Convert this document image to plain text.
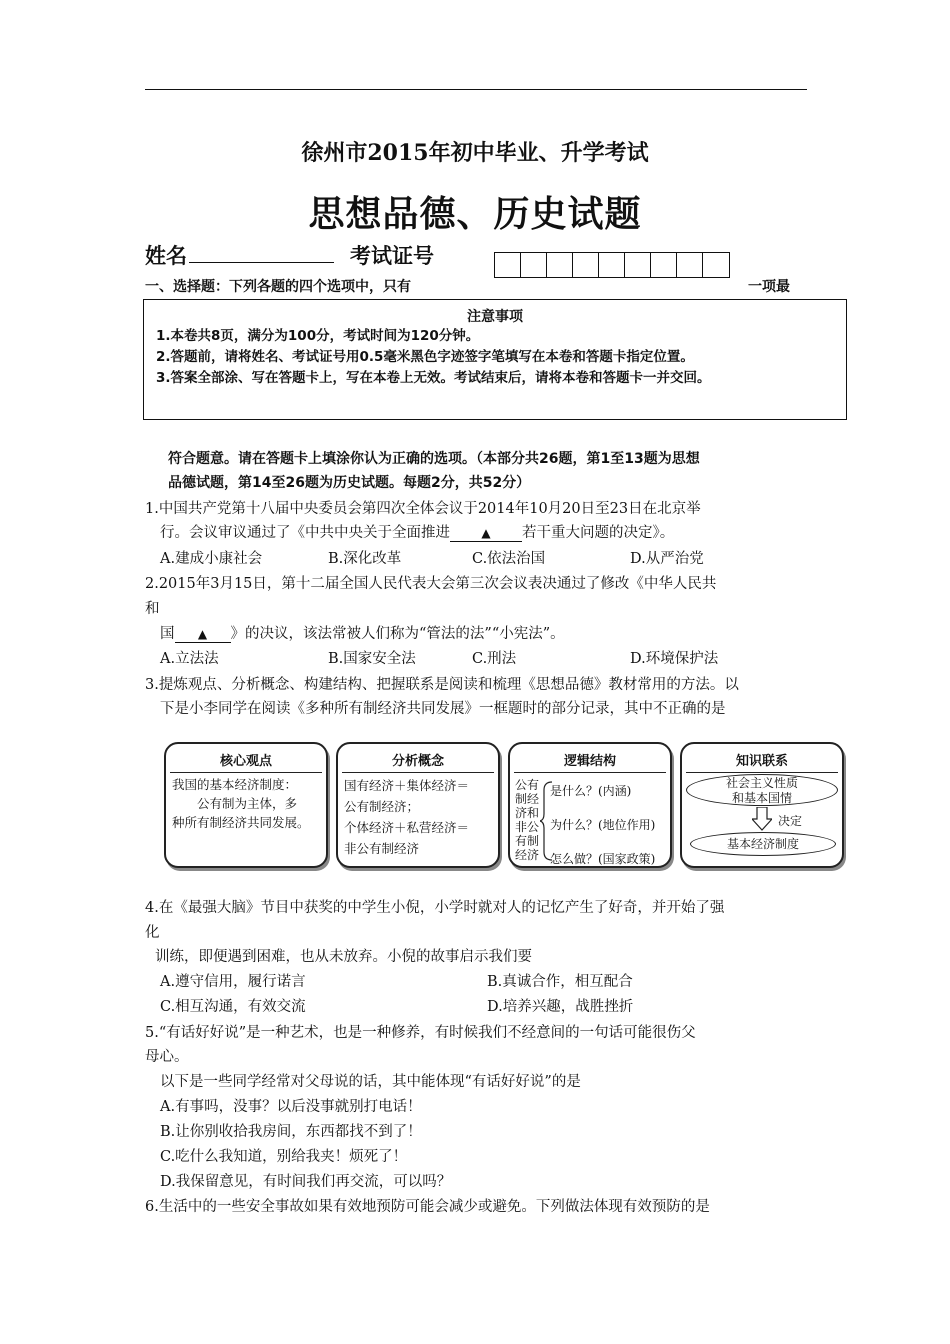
徐州市2015年初中毕业、升学考试
思想品德、历史试题
姓名	考试证号
一、选择题：下列各题的四个选项中，只有	一项最
注意事项
1.本卷共8页，满分为100分，考试时间为120分钟。
2.答题前，请将姓名、考试证号用0.5毫米黑色字迹签字笔填写在本卷和答题卡指定位置。
3.答案全部涂、写在答题卡上，写在本卷上无效。考试结束后，请将本卷和答题卡一并交回。
符合题意。请在答题卡上填涂你认为正确的选项。（本部分共26题，第1至13题为思想
品德试题，第14至26题为历史试题。每题2分，共52分）
1.中国共产党第十八届中央委员会第四次全体会议于2014年10月20日至23日在北京举
行。会议审议通过了《中共中央关于全面推进	▲ 若干重大问题的决定》。
A.建成小康社会	B.深化改革	C.依法治国	D.从严治党
2.2015年3月15日，第十二届全国人民代表大会第三次会议表决通过了修改《中华人民共
和
国 ▲ 》的决议，该法常被人们称为“管法的法”“小宪法”。
A.立法法	B.国家安全法	C.刑法	D.环境保护法
3.提炼观点、分析概念、构建结构、把握联系是阅读和梳理《思想品德》教材常用的方法。以
下是小李同学在阅读《多种所有制经济共同发展》一框题时的部分记录，其中不正确的是
核心观点
我国的基本经济制度：
　　公有制为主体，多
种所有制经济共同发展。
分析概念
国有经济＋集体经济＝
公有制经济；
个体经济＋私营经济＝
非公有制经济
逻辑结构
公有
制经
济和
非公
有制
经济
是什么？(内涵)
为什么？(地位作用)
怎么做？(国家政策)
知识联系
社会主义性质
和基本国情
决定
基本经济制度
4.在《最强大脑》节目中获奖的中学生小倪，小学时就对人的记忆产生了好奇，并开始了强
化
训练，即便遇到困难，也从未放弃。小倪的故事启示我们要
A.遵守信用，履行诺言	B.真诚合作，相互配合
C.相互沟通，有效交流	D.培养兴趣，战胜挫折
5.“有话好好说”是一种艺术，也是一种修养，有时候我们不经意间的一句话可能很伤父
母心。
以下是一些同学经常对父母说的话，其中能体现“有话好好说”的是
A.有事吗，没事？以后没事就别打电话！
B.让你别收拾我房间，东西都找不到了！
C.吃什么我知道，别给我夹！烦死了！
D.我保留意见，有时间我们再交流，可以吗？
6.生活中的一些安全事故如果有效地预防可能会减少或避免。下列做法体现有效预防的是
